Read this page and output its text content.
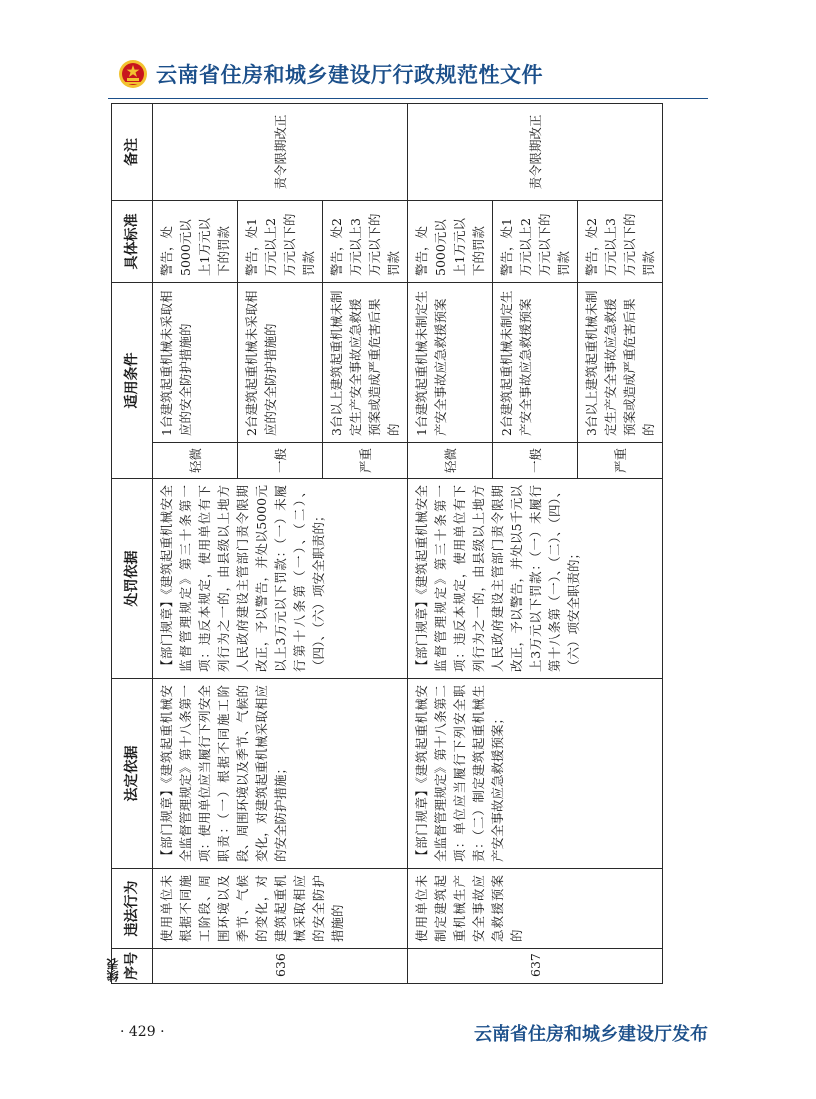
云南省住房和城乡建设厅行政规范性文件
续表 序号	违法行为	法定依据	处罚依据	适用条件		具体标准	备注
636	使用单位未根据不同施工阶段、周围环境以及季节、气候的变化，对建筑起重机械采取相应的安全防护措施的	【部门规章】《建筑起重机械安全监督管理规定》第十八条第一项：使用单位应当履行下列安全职责：（一）根据不同施工阶段、周围环境以及季节、气候的变化，对建筑起重机械采取相应的安全防护措施；	【部门规章】《建筑起重机械安全监督管理规定》第三十条第一项：违反本规定，使用单位有下列行为之一的，由县级以上地方人民政府建设主管部门责令限期改正，予以警告，并处以5000元以上3万元以下罚款：（一）未履行第十八条第（一）、（二）、（四）、（六）项安全职责的；	轻微	1台建筑起重机械未采取相应的安全防护措施的	警告，处5000元以上1万元以下的罚款	责令限期改正
				一般	2台建筑起重机械未采取相应的安全防护措施的	警告，处1万元以上2万元以下的罚款	
				严重	3台以上建筑起重机械未制定生产安全事故应急救援预案或造成严重危害后果的	警告，处2万元以上3万元以下的罚款	
637	使用单位未制定建筑起重机械生产安全事故应急救援预案的	【部门规章】《建筑起重机械安全监督管理规定》第十八条第二项：单位应当履行下列安全职责：（二）制定建筑起重机械生产安全事故应急救援预案；	【部门规章】《建筑起重机械安全监督管理规定》第三十条第一项：违反本规定，使用单位有下列行为之一的，由县级以上地方人民政府建设主管部门责令限期改正，予以警告，并处以5千元以上3万元以下罚款：（一）未履行第十八条第（一）、（二）、（四）、（六）项安全职责的；	轻微	1台建筑起重机械未制定生产安全事故应急救援预案	警告，处5000元以上1万元以下的罚款	责令限期改正
				一般	2台建筑起重机械未制定生产安全事故应急救援预案	警告，处1万元以上2万元以下的罚款	
				严重	3台以上建筑起重机械未制定生产安全事故应急救援预案或造成严重危害后果的	警告，处2万元以上3万元以下的罚款	
· 429 ·	云南省住房和城乡建设厅发布
